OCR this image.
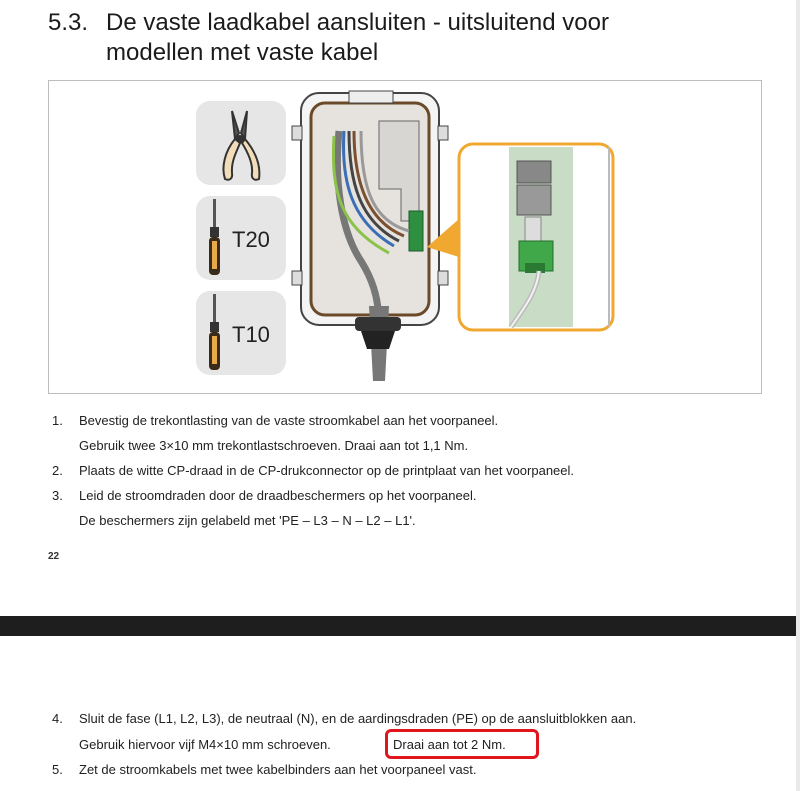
5.3. De vaste laadkabel aansluiten - uitsluitend voor
modellen met vaste kabel
T20
T10
1. Bevestig de trekontlasting van de vaste stroomkabel aan het voorpaneel.
Gebruik twee 3×10 mm trekontlastschroeven. Draai aan tot 1,1 Nm.
2. Plaats de witte CP-draad in de CP-drukconnector op de printplaat van het voorpaneel.
3. Leid de stroomdraden door de draadbeschermers op het voorpaneel.
De beschermers zijn gelabeld met 'PE – L3 – N – L2 – L1'.
22
4. Sluit de fase (L1, L2, L3), de neutraal (N), en de aardingsdraden (PE) op de aansluitblokken aan.
Gebruik hiervoor vijf M4×10 mm schroeven.	Draai aan tot 2 Nm.
5. Zet de stroomkabels met twee kabelbinders aan het voorpaneel vast.
